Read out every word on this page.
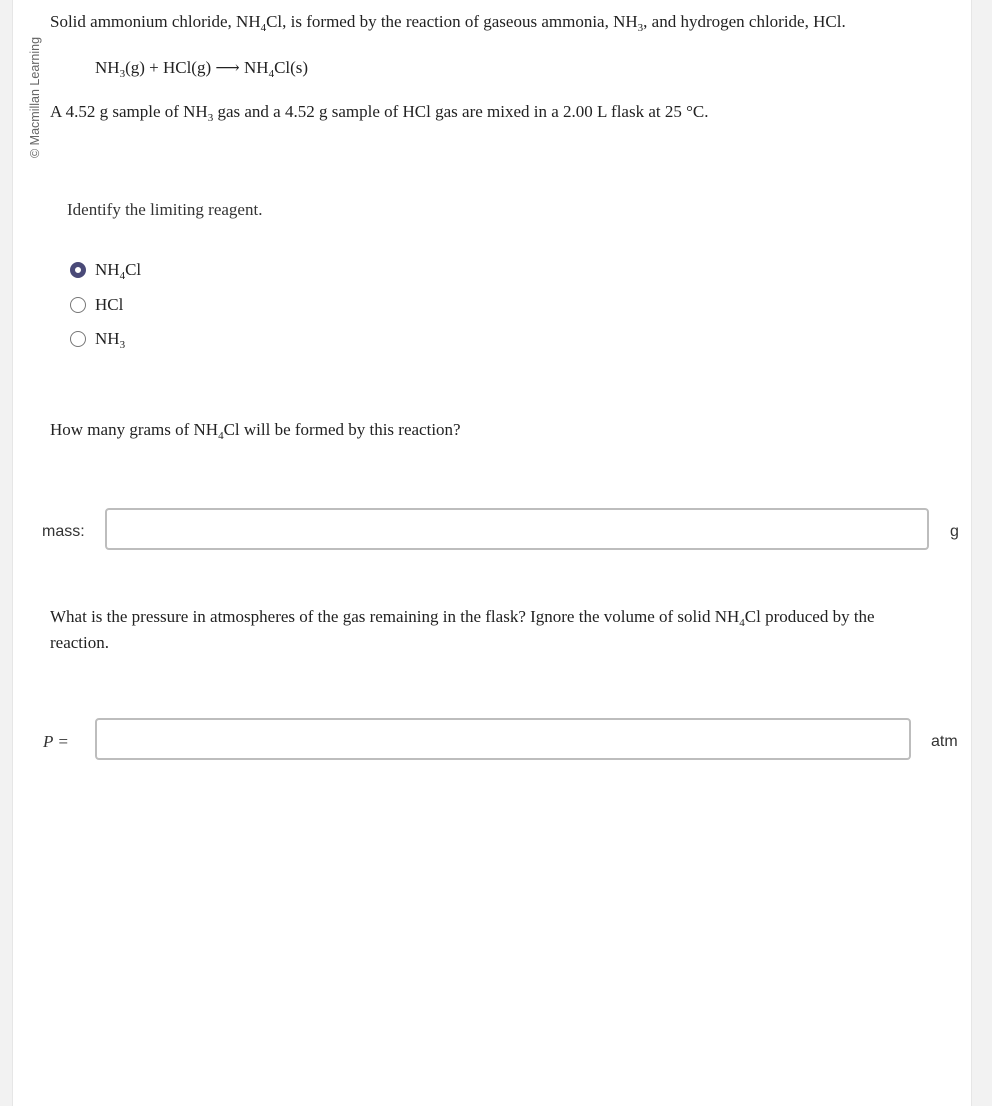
© Macmillan Learning
Solid ammonium chloride, $NH_4Cl$, is formed by the reaction of gaseous ammonia, $NH_3$, and hydrogen chloride, HCl.
$NH_3(g) + HCl(g)$ ⟶ $NH_4Cl(s)$
A 4.52 g sample of $NH_3$ gas and a 4.52 g sample of HCl gas are mixed in a 2.00 L flask at 25 °C.
Identify the limiting reagent.
$NH_4Cl$
HCl
$NH_3$
How many grams of $NH_4Cl$ will be formed by this reaction?
mass:	g
What is the pressure in atmospheres of the gas remaining in the flask? Ignore the volume of solid $NH_4Cl$ produced by the reaction.
P =	atm
